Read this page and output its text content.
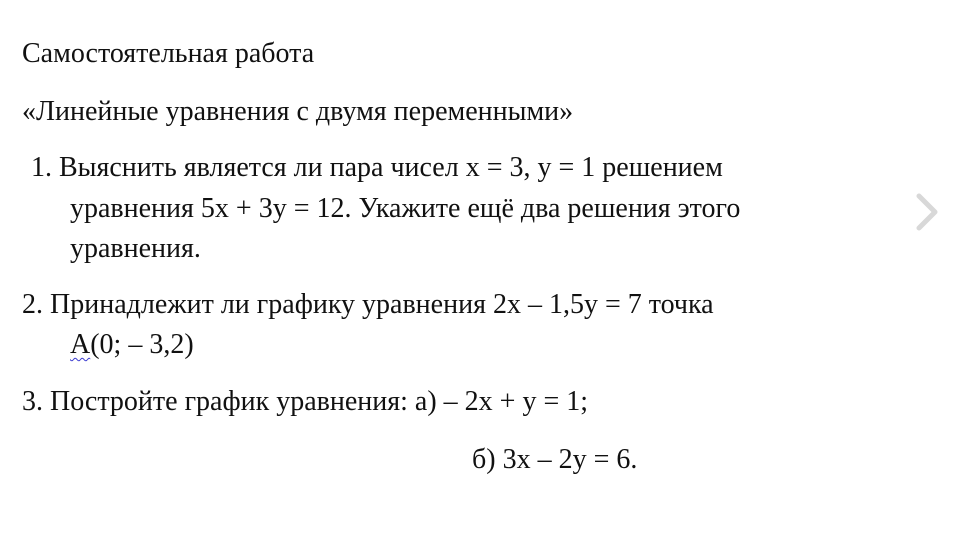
Самостоятельная работа

«Линейные уравнения с двумя переменными»

1. Выяснить является ли пара чисел х = 3, у = 1 решением

уравнения 5х + 3у = 12. Укажите ещё два решения этого

уравнения.

2. Принадлежит ли графику уравнения 2х – 1,5у = 7 точка

А(0; – 3,2)

3. Постройте график уравнения: а) – 2х + у = 1;

б) 3х – 2у = 6.
